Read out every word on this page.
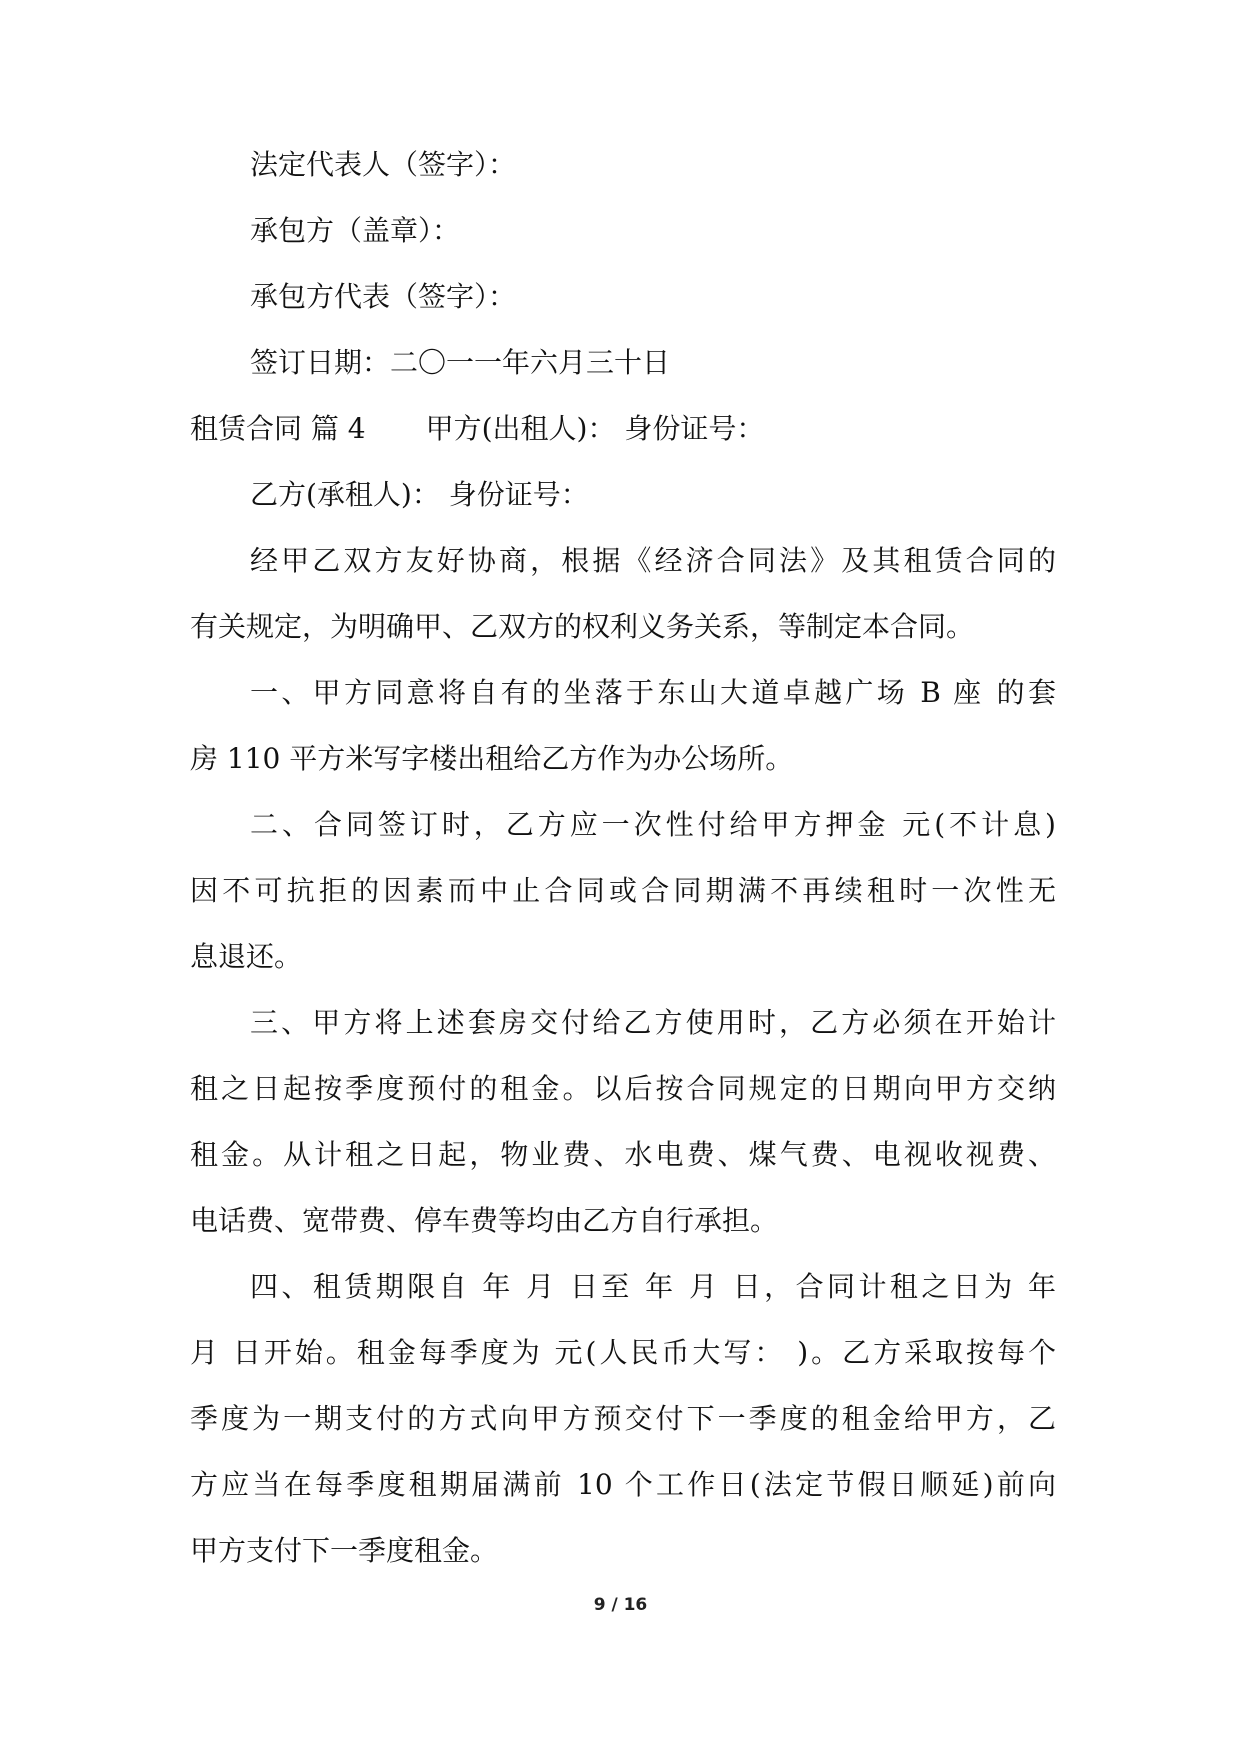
法定代表人（签字）：
承包方（盖章）：
承包方代表（签字）：
签订日期：二〇一一年六月三十日
租赁合同 篇 4 甲方(出租人)： 身份证号：
乙方(承租人)： 身份证号：
经甲乙双方友好协商，根据《经济合同法》及其租赁合同的
有关规定，为明确甲、乙双方的权利义务关系，等制定本合同。
一、甲方同意将自有的坐落于东山大道卓越广场 B 座 的套
房 110 平方米写字楼出租给乙方作为办公场所。
二、合同签订时，乙方应一次性付给甲方押金 元(不计息)
因不可抗拒的因素而中止合同或合同期满不再续租时一次性无
息退还。
三、甲方将上述套房交付给乙方使用时，乙方必须在开始计
租之日起按季度预付的租金。以后按合同规定的日期向甲方交纳
租金。从计租之日起，物业费、水电费、煤气费、电视收视费、
电话费、宽带费、停车费等均由乙方自行承担。
四、租赁期限自 年 月 日至 年 月 日，合同计租之日为 年
月 日开始。租金每季度为 元(人民币大写： )。乙方采取按每个
季度为一期支付的方式向甲方预交付下一季度的租金给甲方，乙
方应当在每季度租期届满前 10 个工作日(法定节假日顺延)前向
甲方支付下一季度租金。
9 / 16
